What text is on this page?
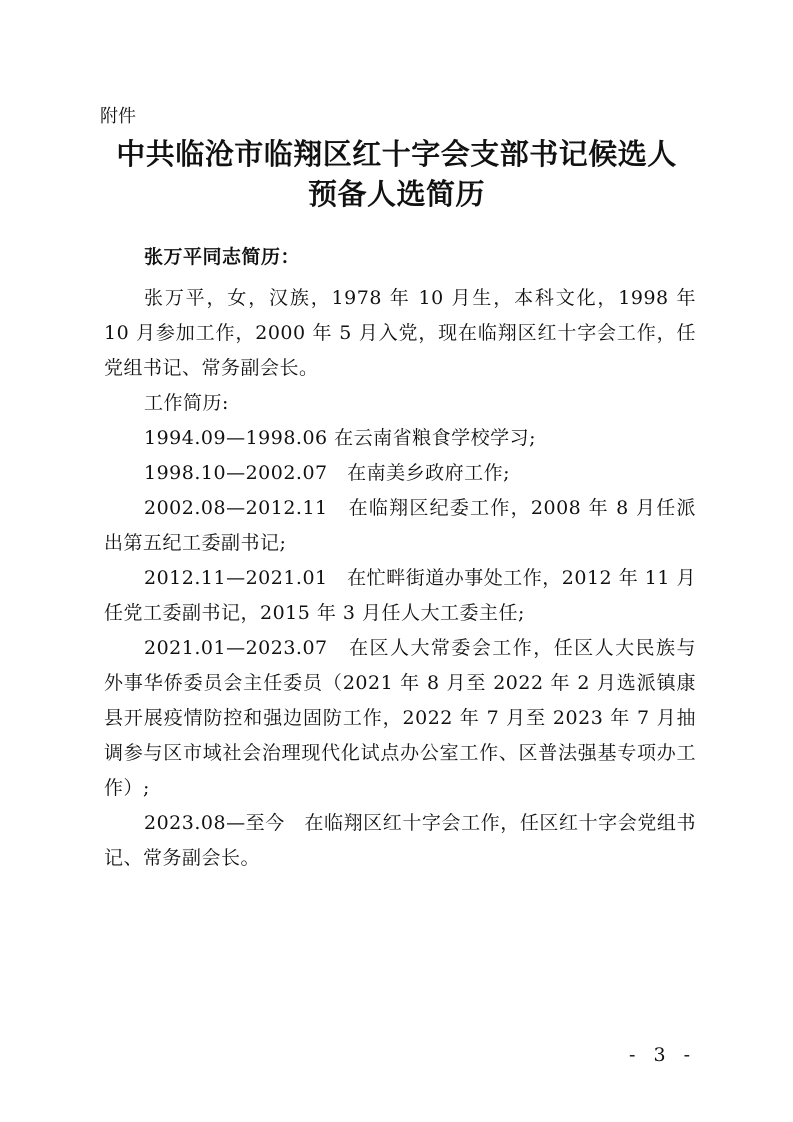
附件
中共临沧市临翔区红十字会支部书记候选人
预备人选简历

张万平同志简历：

张万平，女，汉族，1978 年 10 月生，本科文化，1998 年 10 月参加工作，2000 年 5 月入党，现在临翔区红十字会工作，任党组书记、常务副会长。

工作简历:

1994.09—1998.06 在云南省粮食学校学习;

1998.10—2002.07　在南美乡政府工作;

2002.08—2012.11　在临翔区纪委工作，2008 年 8 月任派出第五纪工委副书记;

2012.11—2021.01　在忙畔街道办事处工作，2012 年 11 月任党工委副书记，2015 年 3 月任人大工委主任;

2021.01—2023.07　在区人大常委会工作，任区人大民族与外事华侨委员会主任委员（2021 年 8 月至 2022 年 2 月选派镇康县开展疫情防控和强边固防工作，2022 年 7 月至 2023 年 7 月抽调参与区市域社会治理现代化试点办公室工作、区普法强基专项办工作）;

2023.08—至今　在临翔区红十字会工作，任区红十字会党组书记、常务副会长。

- 3 -
